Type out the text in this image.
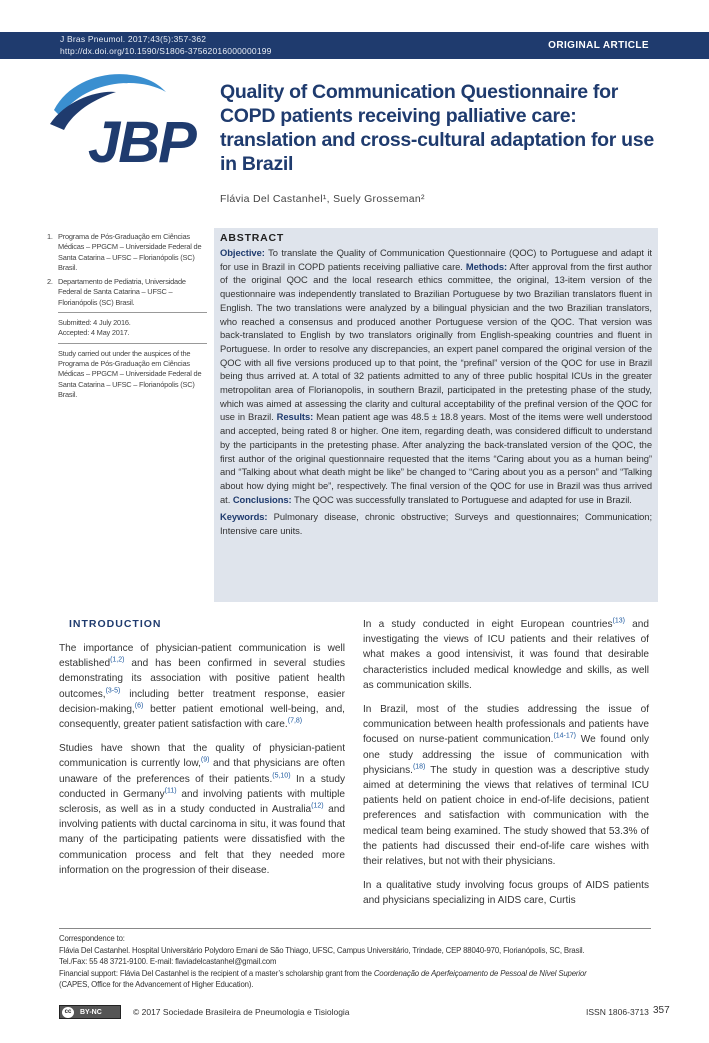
J Bras Pneumol. 2017;43(5):357-362
http://dx.doi.org/10.1590/S1806-37562016000000199	ORIGINAL ARTICLE
JBP
Quality of Communication Questionnaire for COPD patients receiving palliative care: translation and cross-cultural adaptation for use in Brazil
Flávia Del Castanhel¹, Suely Grosseman²
1. Programa de Pós-Graduação em Ciências Médicas – PPGCM – Universidade Federal de Santa Catarina – UFSC – Florianópolis (SC) Brasil.
2. Departamento de Pediatria, Universidade Federal de Santa Catarina – UFSC – Florianópolis (SC) Brasil.
Submitted: 4 July 2016.
Accepted: 4 May 2017.
Study carried out under the auspices of the Programa de Pós-Graduação em Ciências Médicas – PPGCM – Universidade Federal de Santa Catarina – UFSC – Florianópolis (SC) Brasil.
ABSTRACT

Objective: To translate the Quality of Communication Questionnaire (QOC) to Portuguese and adapt it for use in Brazil in COPD patients receiving palliative care. Methods: After approval from the first author of the original QOC and the local research ethics committee, the original, 13-item version of the questionnaire was independently translated to Brazilian Portuguese by two Brazilian translators fluent in English. The two translations were analyzed by a bilingual physician and the two Brazilian translators, who reached a consensus and produced another Portuguese version of the QOC. That version was back-translated to English by two translators originally from English-speaking countries and fluent in Portuguese. In order to resolve any discrepancies, an expert panel compared the original version of the QOC with all five versions produced up to that point, the “prefinal” version of the QOC for use in Brazil being thus arrived at. A total of 32 patients admitted to any of three public hospital ICUs in the greater metropolitan area of Florianopolis, in southern Brazil, participated in the pretesting phase of the study, which was aimed at assessing the clarity and cultural acceptability of the prefinal version of the QOC for use in Brazil. Results: Mean patient age was 48.5 ± 18.8 years. Most of the items were well understood and accepted, being rated 8 or higher. One item, regarding death, was considered difficult to understand by the participants in the pretesting phase. After analyzing the back-translated version of the QOC, the first author of the original questionnaire requested that the items “Caring about you as a human being” and “Talking about what death might be like” be changed to “Caring about you as a person” and “Talking about how dying might be”, respectively. The final version of the QOC for use in Brazil was thus arrived at. Conclusions: The QOC was successfully translated to Portuguese and adapted for use in Brazil.

Keywords: Pulmonary disease, chronic obstructive; Surveys and questionnaires; Communication; Intensive care units.

INTRODUCTION

The importance of physician-patient communication is well established$^{(1,2)}$ and has been confirmed in several studies demonstrating its association with positive patient health outcomes,$^{(3-5)}$ including better treatment response, easier decision-making,$^{(6)}$ better patient emotional well-being, and, consequently, greater patient satisfaction with care.$^{(7,8)}$

Studies have shown that the quality of physician-patient communication is currently low,$^{(9)}$ and that physicians are often unaware of the preferences of their patients.$^{(5,10)}$ In a study conducted in Germany$^{(11)}$ and involving patients with multiple sclerosis, as well as in a study conducted in Australia$^{(12)}$ and involving patients with ductal carcinoma in situ, it was found that many of the participating patients were dissatisfied with the communication process and felt that they needed more information on the progression of their disease.

In a study conducted in eight European countries$^{(13)}$ and investigating the views of ICU patients and their relatives of what makes a good intensivist, it was found that desirable characteristics included medical knowledge and skills, as well as communication skills.

In Brazil, most of the studies addressing the issue of communication between health professionals and patients have focused on nurse-patient communication.$^{(14-17)}$ We found only one study addressing the issue of communication with physicians.$^{(18)}$ The study in question was a descriptive study aimed at determining the views that relatives of terminal ICU patients held on patient choice in end-of-life decisions, patient preferences and satisfaction with communication with the medical team being examined. The study showed that 53.3% of the patients had discussed their end-of-life care wishes with their relatives, but not with their physicians.

In a qualitative study involving focus groups of AIDS patients and physicians specializing in AIDS care, Curtis

Correspondence to:
Flávia Del Castanhel. Hospital Universitário Polydoro Ernani de São Thiago, UFSC, Campus Universitário, Trindade, CEP 88040-970, Florianópolis, SC, Brasil.
Tel./Fax: 55 48 3721-9100. E-mail: flaviadelcastanhel@gmail.com
Financial support: Flávia Del Castanhel is the recipient of a master’s scholarship grant from the Coordenação de Aperfeiçoamento de Pessoal de Nível Superior
(CAPES, Office for the Advancement of Higher Education).
cc	BY-NC	© 2017 Sociedade Brasileira de Pneumologia e Tisiologia	ISSN 1806-3713 357
